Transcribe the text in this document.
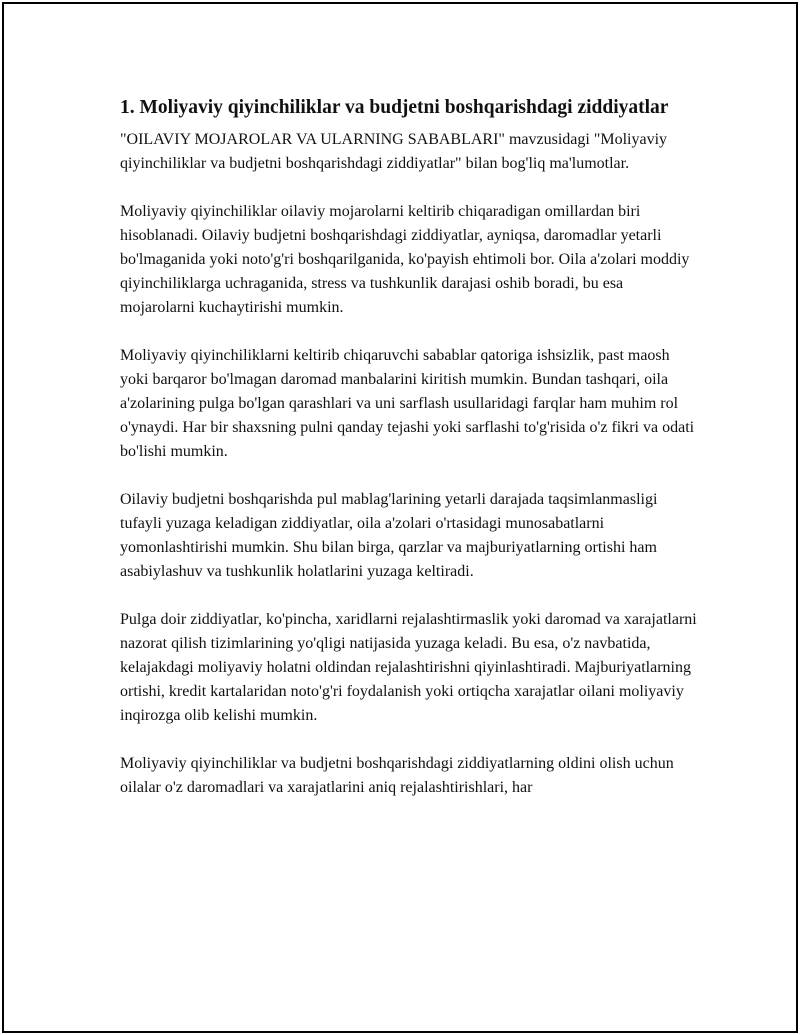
1. Moliyaviy qiyinchiliklar va budjetni boshqarishdagi ziddiyatlar

"OILAVIY MOJAROLAR VA ULARNING SABABLARI" mavzusidagi "Moliyaviy qiyinchiliklar va budjetni boshqarishdagi ziddiyatlar" bilan bog'liq ma'lumotlar.

Moliyaviy qiyinchiliklar oilaviy mojarolarni keltirib chiqaradigan omillardan biri hisoblanadi. Oilaviy budjetni boshqarishdagi ziddiyatlar, ayniqsa, daromadlar yetarli bo'lmaganida yoki noto'g'ri boshqarilganida, ko'payish ehtimoli bor. Oila a'zolari moddiy qiyinchiliklarga uchraganida, stress va tushkunlik darajasi oshib boradi, bu esa mojarolarni kuchaytirishi mumkin.

Moliyaviy qiyinchiliklarni keltirib chiqaruvchi sabablar qatoriga ishsizlik, past maosh yoki barqaror bo'lmagan daromad manbalarini kiritish mumkin. Bundan tashqari, oila a'zolarining pulga bo'lgan qarashlari va uni sarflash usullaridagi farqlar ham muhim rol o'ynaydi. Har bir shaxsning pulni qanday tejashi yoki sarflashi to'g'risida o'z fikri va odati bo'lishi mumkin.

Oilaviy budjetni boshqarishda pul mablag'larining yetarli darajada taqsimlanmasligi tufayli yuzaga keladigan ziddiyatlar, oila a'zolari o'rtasidagi munosabatlarni yomonlashtirishi mumkin. Shu bilan birga, qarzlar va majburiyatlarning ortishi ham asabiylashuv va tushkunlik holatlarini yuzaga keltiradi.

Pulga doir ziddiyatlar, ko'pincha, xaridlarni rejalashtirmaslik yoki daromad va xarajatlarni nazorat qilish tizimlarining yo'qligi natijasida yuzaga keladi. Bu esa, o'z navbatida, kelajakdagi moliyaviy holatni oldindan rejalashtirishni qiyinlashtiradi. Majburiyatlarning ortishi, kredit kartalaridan noto'g'ri foydalanish yoki ortiqcha xarajatlar oilani moliyaviy inqirozga olib kelishi mumkin.

Moliyaviy qiyinchiliklar va budjetni boshqarishdagi ziddiyatlarning oldini olish uchun oilalar o'z daromadlari va xarajatlarini aniq rejalashtirishlari, har
